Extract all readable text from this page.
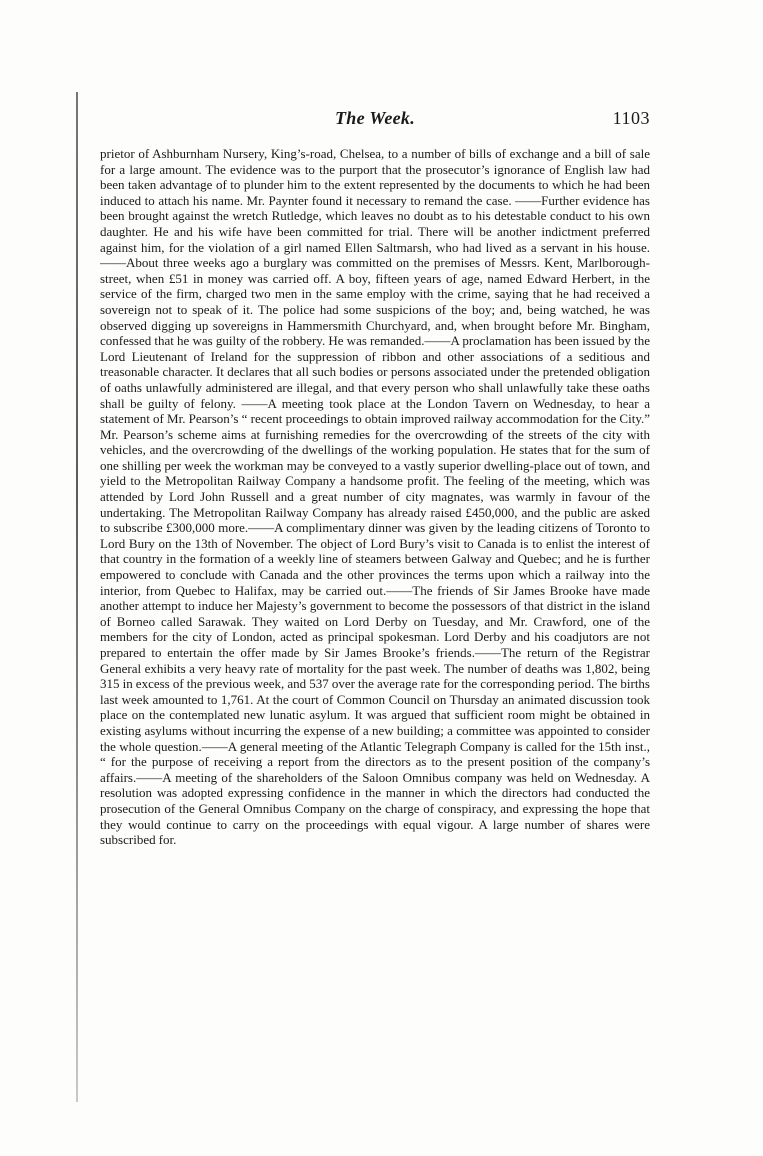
The Week.	1103

prietor of Ashburnham Nursery, King’s-road, Chelsea, to a number of bills of exchange and a bill of sale for a large amount. The evidence was to the purport that the prosecutor’s ignorance of English law had been taken advantage of to plunder him to the extent represented by the documents to which he had been induced to attach his name. Mr. Paynter found it necessary to remand the case. ——Further evidence has been brought against the wretch Rutledge, which leaves no doubt as to his detestable conduct to his own daughter. He and his wife have been committed for trial. There will be another indictment preferred against him, for the violation of a girl named Ellen Saltmarsh, who had lived as a servant in his house.——About three weeks ago a burglary was committed on the premises of Messrs. Kent, Marlborough-street, when £51 in money was carried off. A boy, fifteen years of age, named Edward Herbert, in the service of the firm, charged two men in the same employ with the crime, saying that he had received a sovereign not to speak of it. The police had some suspicions of the boy; and, being watched, he was observed digging up sovereigns in Hammersmith Churchyard, and, when brought before Mr. Bingham, confessed that he was guilty of the robbery. He was remanded.——A proclamation has been issued by the Lord Lieutenant of Ireland for the suppression of ribbon and other associations of a seditious and treasonable character. It declares that all such bodies or persons associated under the pretended obligation of oaths unlawfully administered are illegal, and that every person who shall unlawfully take these oaths shall be guilty of felony. ——A meeting took place at the London Tavern on Wednesday, to hear a statement of Mr. Pearson’s “ recent proceedings to obtain improved railway accommodation for the City.” Mr. Pearson’s scheme aims at furnishing remedies for the overcrowding of the streets of the city with vehicles, and the overcrowding of the dwellings of the working population. He states that for the sum of one shilling per week the workman may be conveyed to a vastly superior dwelling-place out of town, and yield to the Metropolitan Railway Company a handsome profit. The feeling of the meeting, which was attended by Lord John Russell and a great number of city magnates, was warmly in favour of the undertaking. The Metropolitan Railway Company has already raised £450,000, and the public are asked to subscribe £300,000 more.——A complimentary dinner was given by the leading citizens of Toronto to Lord Bury on the 13th of November. The object of Lord Bury’s visit to Canada is to enlist the interest of that country in the formation of a weekly line of steamers between Galway and Quebec; and he is further empowered to conclude with Canada and the other provinces the terms upon which a railway into the interior, from Quebec to Halifax, may be carried out.——The friends of Sir James Brooke have made another attempt to induce her Majesty’s government to become the possessors of that district in the island of Borneo called Sarawak. They waited on Lord Derby on Tuesday, and Mr. Crawford, one of the members for the city of London, acted as principal spokesman. Lord Derby and his coadjutors are not prepared to entertain the offer made by Sir James Brooke’s friends.——The return of the Registrar General exhibits a very heavy rate of mortality for the past week. The number of deaths was 1,802, being 315 in excess of the previous week, and 537 over the average rate for the corresponding period. The births last week amounted to 1,761. At the court of Common Council on Thursday an animated discussion took place on the contemplated new lunatic asylum. It was argued that sufficient room might be obtained in existing asylums without incurring the expense of a new building; a committee was appointed to consider the whole question.——A general meeting of the Atlantic Telegraph Company is called for the 15th inst., “ for the purpose of receiving a report from the directors as to the present position of the company’s affairs.——A meeting of the shareholders of the Saloon Omnibus company was held on Wednesday. A resolution was adopted expressing confidence in the manner in which the directors had conducted the prosecution of the General Omnibus Company on the charge of conspiracy, and expressing the hope that they would continue to carry on the proceedings with equal vigour. A large number of shares were subscribed for.
